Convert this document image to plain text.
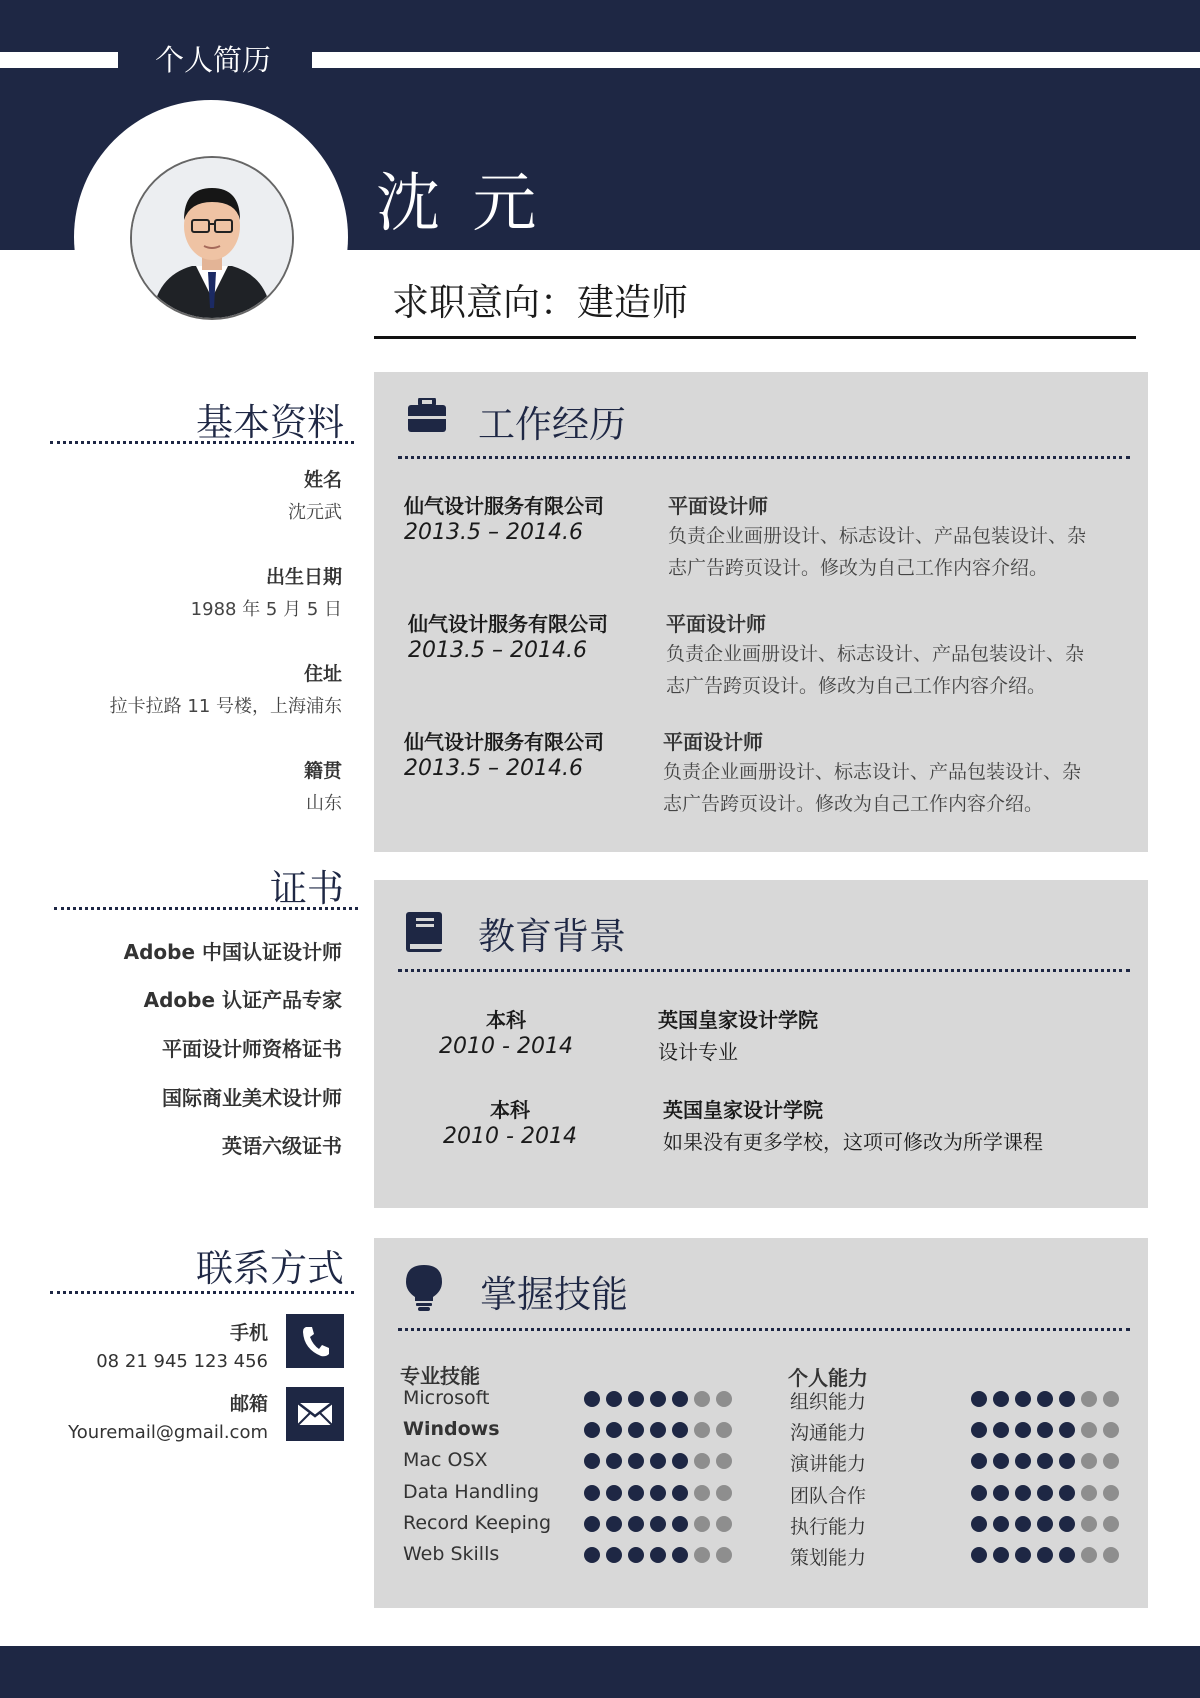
个人简历
沈 元
求职意向：建造师
基本资料
姓名
沈元武
出生日期
1988 年 5 月 5 日
住址
拉卡拉路 11 号楼，上海浦东
籍贯
山东
证书
Adobe 中国认证设计师
Adobe 认证产品专家
平面设计师资格证书
国际商业美术设计师
英语六级证书
联系方式
手机
08 21 945 123 456
邮箱
Youremail@gmail.com
工作经历
仙气设计服务有限公司
2013.5 – 2014.6
平面设计师
负责企业画册设计、标志设计、产品包装设计、杂志广告跨页设计。修改为自己工作内容介绍。
仙气设计服务有限公司
2013.5 – 2014.6
平面设计师
负责企业画册设计、标志设计、产品包装设计、杂志广告跨页设计。修改为自己工作内容介绍。
仙气设计服务有限公司
2013.5 – 2014.6
平面设计师
负责企业画册设计、标志设计、产品包装设计、杂志广告跨页设计。修改为自己工作内容介绍。
教育背景
本科
2010 - 2014
英国皇家设计学院
设计专业
本科
2010 - 2014
英国皇家设计学院
如果没有更多学校，这项可修改为所学课程
掌握技能
专业技能	个人能力
Microsoft
Windows
Mac OSX
Data Handling
Record Keeping
Web Skills
组织能力
沟通能力
演讲能力
团队合作
执行能力
策划能力
